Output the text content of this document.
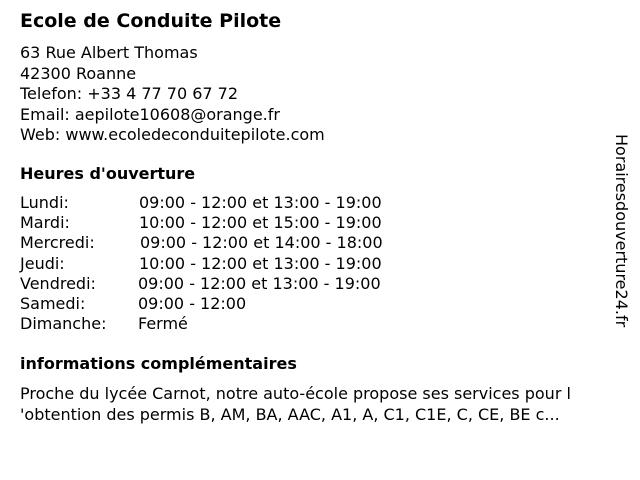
Ecole de Conduite Pilote
63 Rue Albert Thomas
42300 Roanne
Telefon: +33 4 77 70 67 72
Email: aepilote10608@orange.fr
Web: www.ecoledeconduitepilote.com
Heures d'ouverture
Lundi:	09:00 - 12:00 et 13:00 - 19:00
Mardi:	10:00 - 12:00 et 15:00 - 19:00
Mercredi:	09:00 - 12:00 et 14:00 - 18:00
Jeudi:	10:00 - 12:00 et 13:00 - 19:00
Vendredi:	09:00 - 12:00 et 13:00 - 19:00
Samedi:	09:00 - 12:00
Dimanche: Fermé
informations complémentaires
Proche du lycée Carnot, notre auto-école propose ses services pour l
'obtention des permis B, AM, BA, AAC, A1, A, C1, C1E, C, CE, BE c...
Horairesdouverture24.fr
